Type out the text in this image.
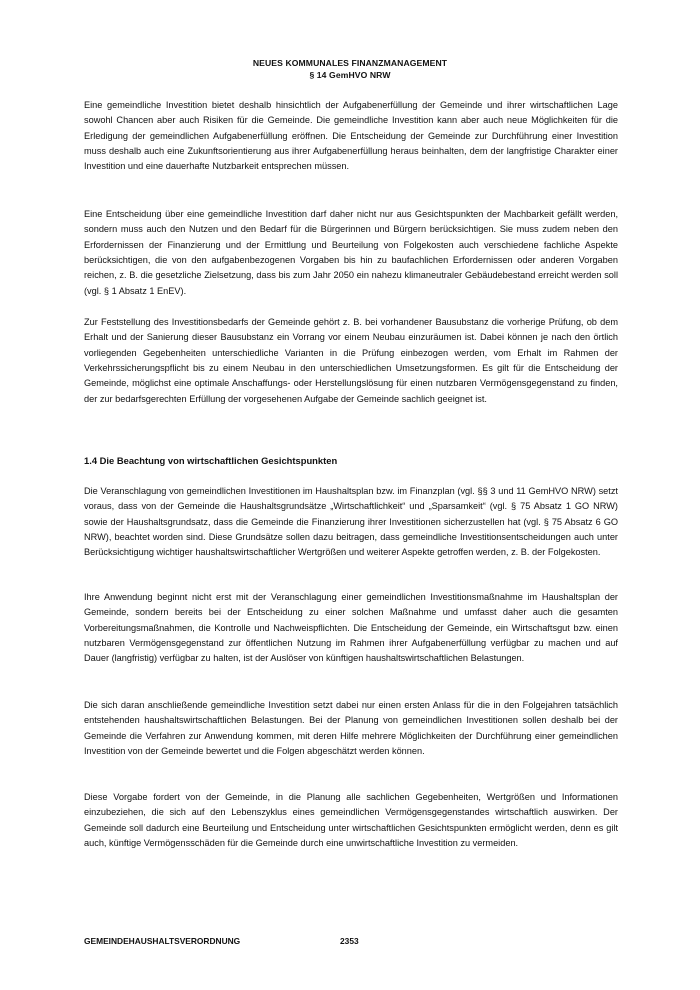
NEUES KOMMUNALES FINANZMANAGEMENT
§ 14 GemHVO NRW

Eine gemeindliche Investition bietet deshalb hinsichtlich der Aufgabenerfüllung der Gemeinde und ihrer wirtschaftlichen Lage sowohl Chancen aber auch Risiken für die Gemeinde. Die gemeindliche Investition kann aber auch neue Möglichkeiten für die Erledigung der gemeindlichen Aufgabenerfüllung eröffnen. Die Entscheidung der Gemeinde zur Durchführung einer Investition muss deshalb auch eine Zukunftsorientierung aus ihrer Aufgabenerfüllung heraus beinhalten, dem der langfristige Charakter einer Investition und eine dauerhafte Nutzbarkeit entsprechen müssen.

Eine Entscheidung über eine gemeindliche Investition darf daher nicht nur aus Gesichtspunkten der Machbarkeit gefällt werden, sondern muss auch den Nutzen und den Bedarf für die Bürgerinnen und Bürgern berücksichtigen. Sie muss zudem neben den Erfordernissen der Finanzierung und der Ermittlung und Beurteilung von Folgekosten auch verschiedene fachliche Aspekte berücksichtigen, die von den aufgabenbezogenen Vorgaben bis hin zu baufachlichen Erfordernissen oder anderen Vorgaben reichen, z. B. die gesetzliche Zielsetzung, dass bis zum Jahr 2050 ein nahezu klimaneutraler Gebäudebestand erreicht werden soll (vgl. § 1 Absatz 1 EnEV).

Zur Feststellung des Investitionsbedarfs der Gemeinde gehört z. B. bei vorhandener Bausubstanz die vorherige Prüfung, ob dem Erhalt und der Sanierung dieser Bausubstanz ein Vorrang vor einem Neubau einzuräumen ist. Dabei können je nach den örtlich vorliegenden Gegebenheiten unterschiedliche Varianten in die Prüfung einbezogen werden, vom Erhalt im Rahmen der Verkehrssicherungspflicht bis zu einem Neubau in den unterschiedlichen Umsetzungsformen. Es gilt für die Entscheidung der Gemeinde, möglichst eine optimale Anschaffungs- oder Herstellungslösung für einen nutzbaren Vermögensgegenstand zu finden, der zur bedarfsgerechten Erfüllung der vorgesehenen Aufgabe der Gemeinde sachlich geeignet ist.

1.4 Die Beachtung von wirtschaftlichen Gesichtspunkten

Die Veranschlagung von gemeindlichen Investitionen im Haushaltsplan bzw. im Finanzplan (vgl. §§ 3 und 11 GemHVO NRW) setzt voraus, dass von der Gemeinde die Haushaltsgrundsätze „Wirtschaftlichkeit“ und „Sparsamkeit“ (vgl. § 75 Absatz 1 GO NRW) sowie der Haushaltsgrundsatz, dass die Gemeinde die Finanzierung ihrer Investitionen sicherzustellen hat (vgl. § 75 Absatz 6 GO NRW), beachtet worden sind. Diese Grundsätze sollen dazu beitragen, dass gemeindliche Investitionsentscheidungen auch unter Berücksichtigung wichtiger haushaltswirtschaftlicher Wertgrößen und weiterer Aspekte getroffen werden, z. B. der Folgekosten.

Ihre Anwendung beginnt nicht erst mit der Veranschlagung einer gemeindlichen Investitionsmaßnahme im Haushaltsplan der Gemeinde, sondern bereits bei der Entscheidung zu einer solchen Maßnahme und umfasst daher auch die gesamten Vorbereitungsmaßnahmen, die Kontrolle und Nachweispflichten. Die Entscheidung der Gemeinde, ein Wirtschaftsgut bzw. einen nutzbaren Vermögensgegenstand zur öffentlichen Nutzung im Rahmen ihrer Aufgabenerfüllung verfügbar zu machen und auf Dauer (langfristig) verfügbar zu halten, ist der Auslöser von künftigen haushaltswirtschaftlichen Belastungen.

Die sich daran anschließende gemeindliche Investition setzt dabei nur einen ersten Anlass für die in den Folgejahren tatsächlich entstehenden haushaltswirtschaftlichen Belastungen. Bei der Planung von gemeindlichen Investitionen sollen deshalb bei der Gemeinde die Verfahren zur Anwendung kommen, mit deren Hilfe mehrere Möglichkeiten der Durchführung einer gemeindlichen Investition von der Gemeinde bewertet und die Folgen abgeschätzt werden können.

Diese Vorgabe fordert von der Gemeinde, in die Planung alle sachlichen Gegebenheiten, Wertgrößen und Informationen einzubeziehen, die sich auf den Lebenszyklus eines gemeindlichen Vermögensgegenstandes wirtschaftlich auswirken. Der Gemeinde soll dadurch eine Beurteilung und Entscheidung unter wirtschaftlichen Gesichtspunkten ermöglicht werden, denn es gilt auch, künftige Vermögensschäden für die Gemeinde durch eine unwirtschaftliche Investition zu vermeiden.

GEMEINDEHAUSHALTSVERORDNUNG	2353
